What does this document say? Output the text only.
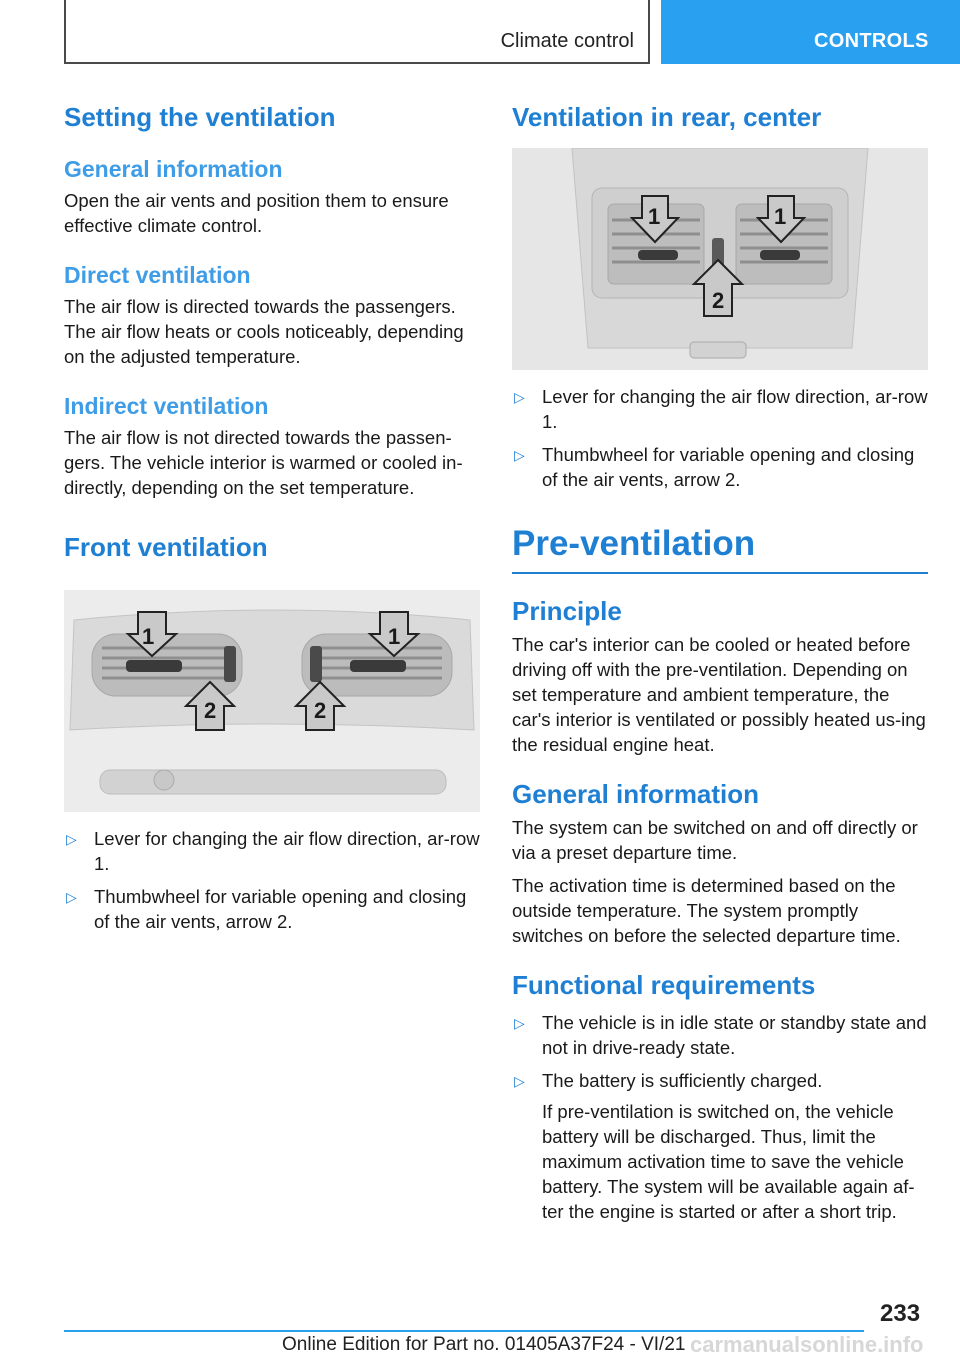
Climate control	CONTROLS
Setting the ventilation
General information

Open the air vents and position them to ensure effective climate control.

Direct ventilation

The air flow is directed towards the passengers. The air flow heats or cools noticeably, depending on the adjusted temperature.

Indirect ventilation

The air flow is not directed towards the passen‐gers. The vehicle interior is warmed or cooled in‐directly, depending on the set temperature.

Front ventilation
1	1
2	2
▷ Lever for changing the air flow direction, ar‐row 1.
▷ Thumbwheel for variable opening and closing of the air vents, arrow 2.
Ventilation in rear, center
1	1
2
▷ Lever for changing the air flow direction, ar‐row 1.
▷ Thumbwheel for variable opening and closing of the air vents, arrow 2.
Pre-ventilation
Principle

The car's interior can be cooled or heated before driving off with the pre-ventilation. Depending on set temperature and ambient temperature, the car's interior is ventilated or possibly heated us‐ing the residual engine heat.

General information

The system can be switched on and off directly or via a preset departure time.

The activation time is determined based on the outside temperature. The system promptly switches on before the selected departure time.

Functional requirements
▷ The vehicle is in idle state or standby state and not in drive-ready state.
▷ The battery is sufficiently charged.
If pre-ventilation is switched on, the vehicle battery will be discharged. Thus, limit the maximum activation time to save the vehicle battery. The system will be available again af‐ter the engine is started or after a short trip.
233
Online Edition for Part no. 01405A37F24 - VI/21 carmanualsonline.info
